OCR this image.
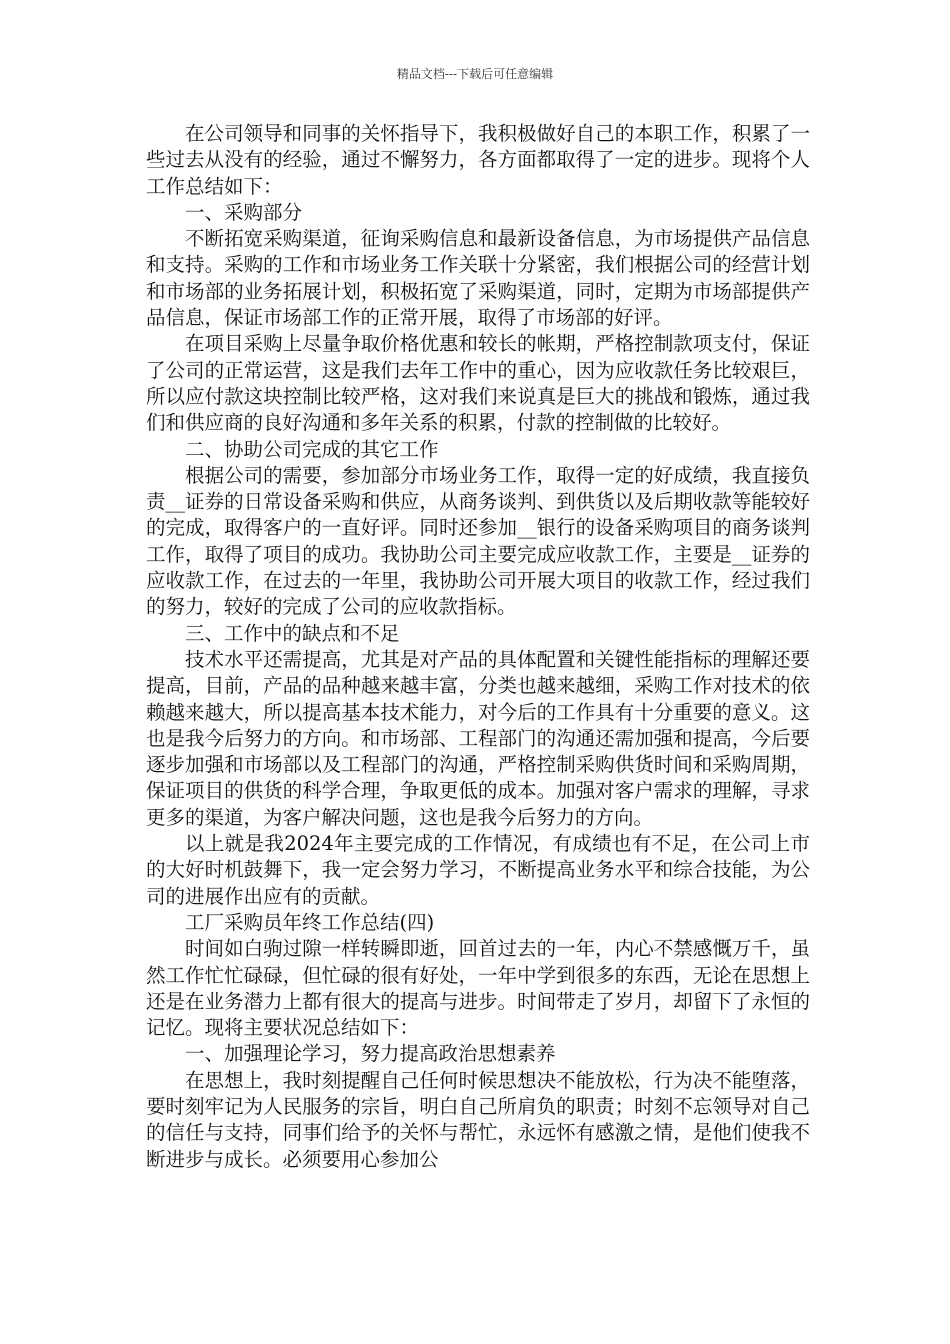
精品文档---下载后可任意编辑

在公司领导和同事的关怀指导下，我积极做好自己的本职工作，积累了一些过去从没有的经验，通过不懈努力，各方面都取得了一定的进步。现将个人工作总结如下：

一、采购部分

不断拓宽采购渠道，征询采购信息和最新设备信息，为市场提供产品信息和支持。采购的工作和市场业务工作关联十分紧密，我们根据公司的经营计划和市场部的业务拓展计划，积极拓宽了采购渠道，同时，定期为市场部提供产品信息，保证市场部工作的正常开展，取得了市场部的好评。

在项目采购上尽量争取价格优惠和较长的帐期，严格控制款项支付，保证了公司的正常运营，这是我们去年工作中的重心，因为应收款任务比较艰巨，所以应付款这块控制比较严格，这对我们来说真是巨大的挑战和锻炼，通过我们和供应商的良好沟通和多年关系的积累，付款的控制做的比较好。

二、协助公司完成的其它工作

根据公司的需要，参加部分市场业务工作，取得一定的好成绩，我直接负责__证券的日常设备采购和供应，从商务谈判、到供货以及后期收款等能较好的完成，取得客户的一直好评。同时还参加__银行的设备采购项目的商务谈判工作，取得了项目的成功。我协助公司主要完成应收款工作，主要是__证券的应收款工作，在过去的一年里，我协助公司开展大项目的收款工作，经过我们的努力，较好的完成了公司的应收款指标。

三、工作中的缺点和不足

技术水平还需提高，尤其是对产品的具体配置和关键性能指标的理解还要提高，目前，产品的品种越来越丰富，分类也越来越细，采购工作对技术的依赖越来越大，所以提高基本技术能力，对今后的工作具有十分重要的意义。这也是我今后努力的方向。和市场部、工程部门的沟通还需加强和提高，今后要逐步加强和市场部以及工程部门的沟通，严格控制采购供货时间和采购周期，保证项目的供货的科学合理，争取更低的成本。加强对客户需求的理解，寻求更多的渠道，为客户解决问题，这也是我今后努力的方向。

以上就是我2024年主要完成的工作情况，有成绩也有不足，在公司上市的大好时机鼓舞下，我一定会努力学习，不断提高业务水平和综合技能，为公司的进展作出应有的贡献。

工厂采购员年终工作总结(四)

时间如白驹过隙一样转瞬即逝，回首过去的一年，内心不禁感慨万千，虽然工作忙忙碌碌，但忙碌的很有好处，一年中学到很多的东西，无论在思想上还是在业务潜力上都有很大的提高与进步。时间带走了岁月，却留下了永恒的记忆。现将主要状况总结如下：

一、加强理论学习，努力提高政治思想素养

在思想上，我时刻提醒自己任何时候思想决不能放松，行为决不能堕落，要时刻牢记为人民服务的宗旨，明白自己所肩负的职责；时刻不忘领导对自己的信任与支持，同事们给予的关怀与帮忙，永远怀有感激之情，是他们使我不断进步与成长。必须要用心参加公
